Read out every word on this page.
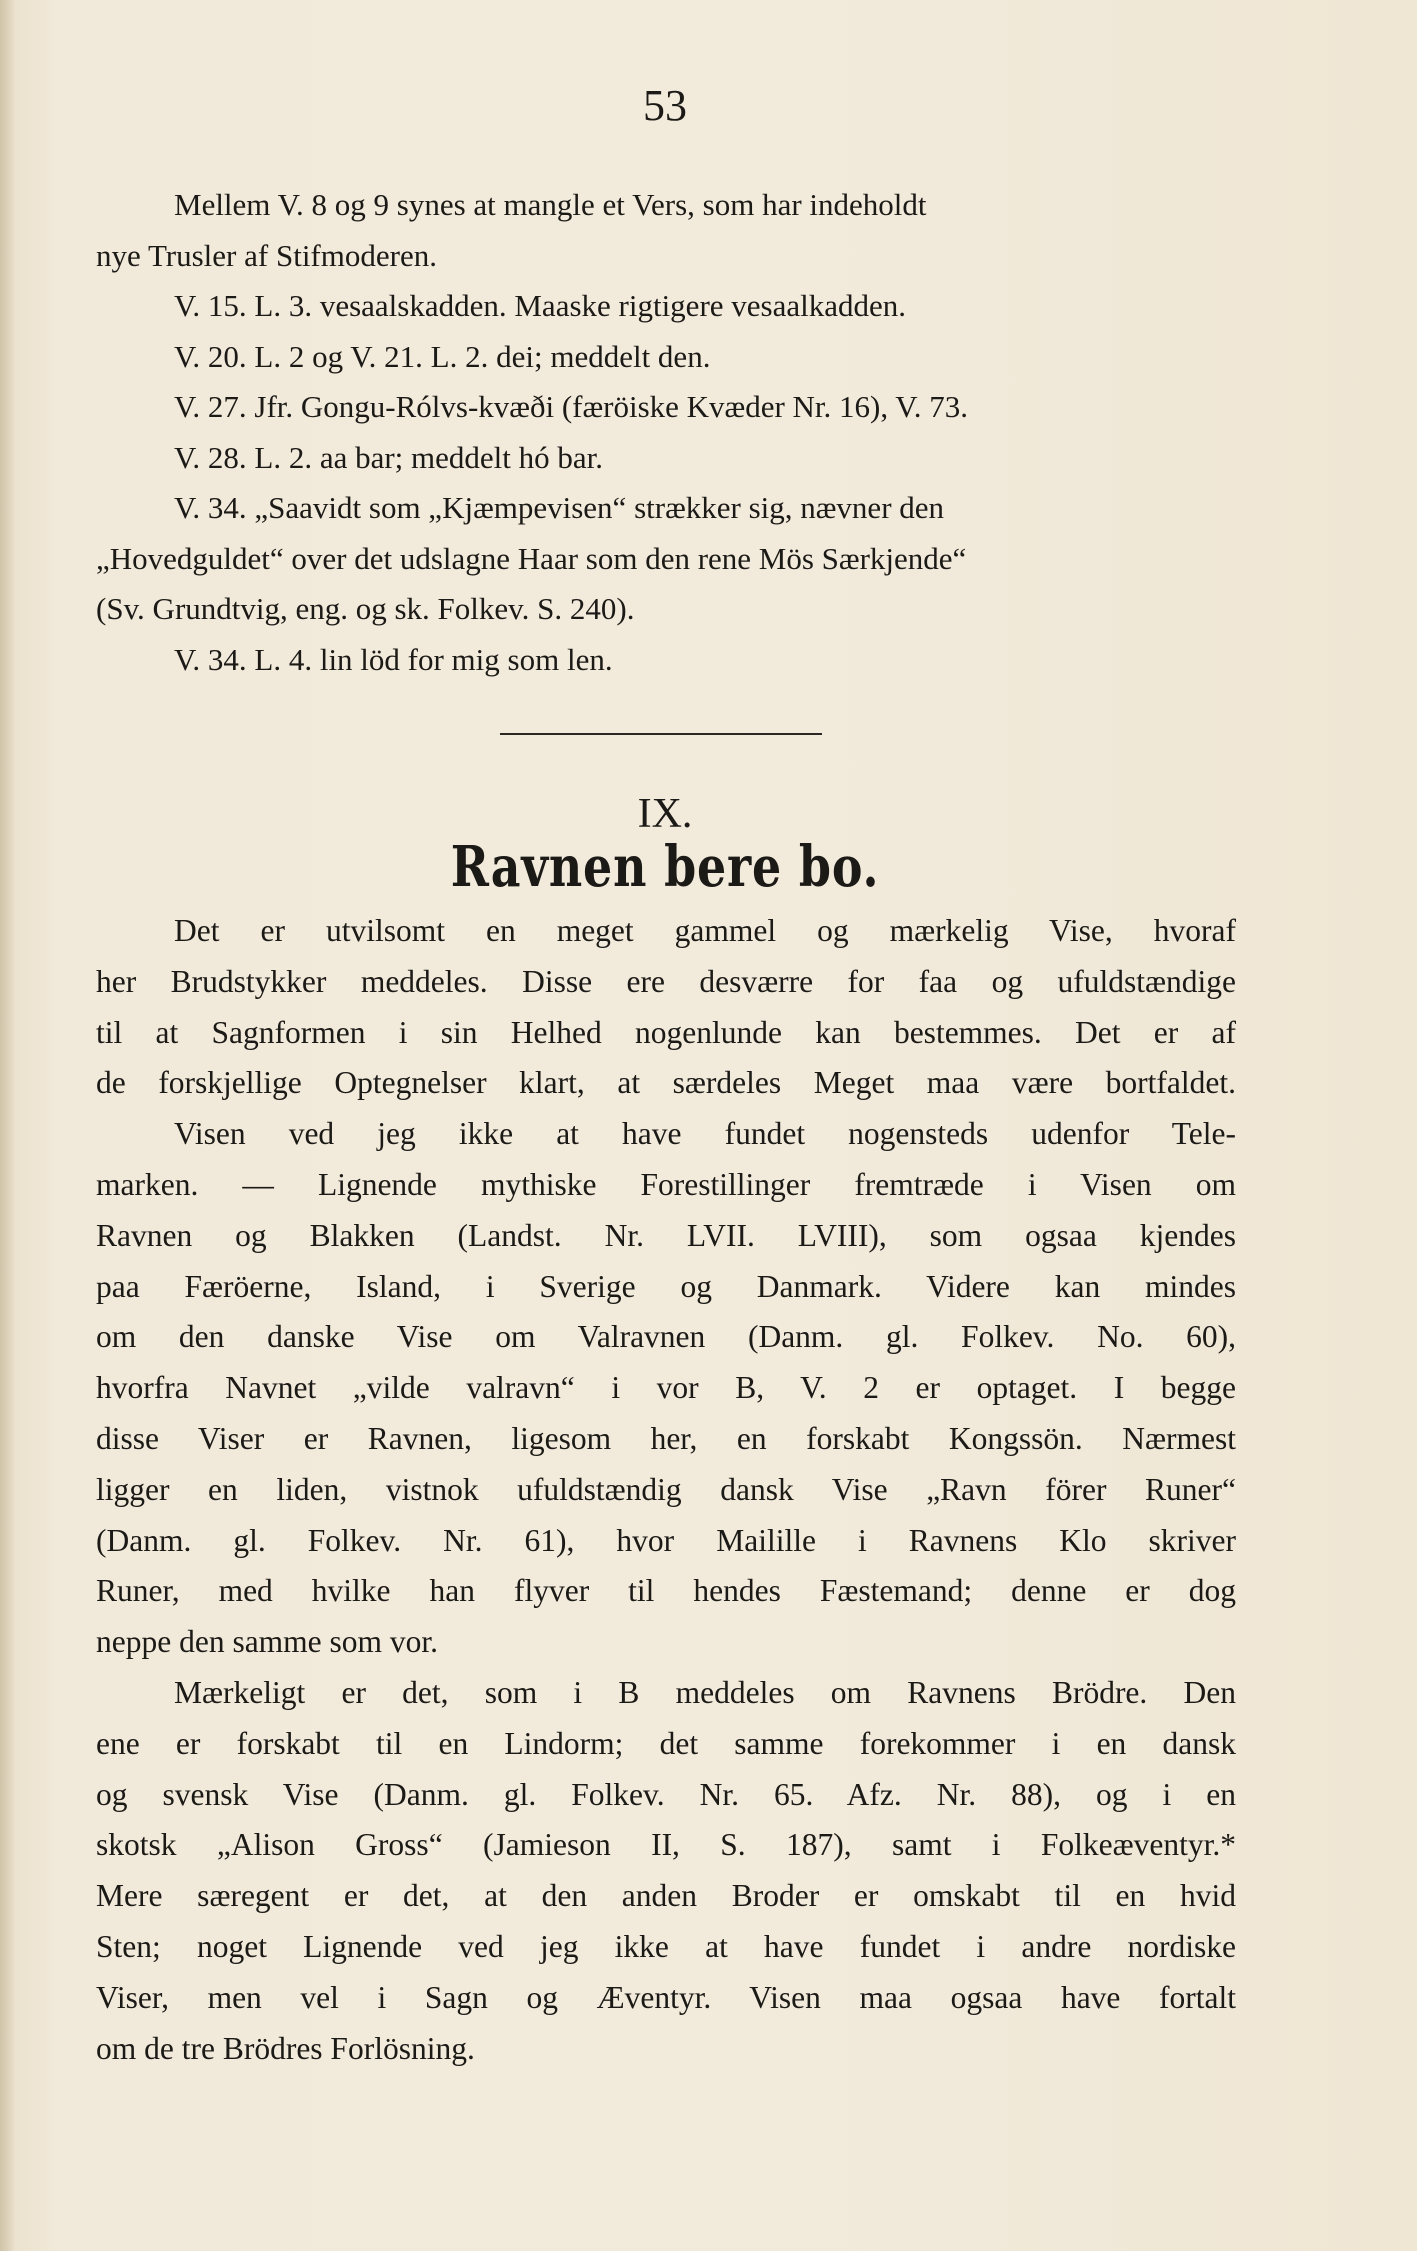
53
Mellem V. 8 og 9 synes at mangle et Vers, som har indeholdt
nye Trusler af Stifmoderen.
V. 15. L. 3. vesaalskadden. Maaske rigtigere vesaalkadden.
V. 20. L. 2 og V. 21. L. 2. dei; meddelt den.
V. 27. Jfr. Gongu-Rólvs-kvæði (færöiske Kvæder Nr. 16), V. 73.
V. 28. L. 2. aa bar; meddelt hó bar.
V. 34. „Saavidt som „Kjæmpevisen“ strækker sig, nævner den
„Hovedguldet“ over det udslagne Haar som den rene Mös Særkjende“
(Sv. Grundtvig, eng. og sk. Folkev. S. 240).
V. 34. L. 4. lin löd for mig som len.
IX.
Ravnen bere bo.
Det er utvilsomt en meget gammel og mærkelig Vise, hvoraf
her Brudstykker meddeles. Disse ere desværre for faa og ufuldstændige
til at Sagnformen i sin Helhed nogenlunde kan bestemmes. Det er af
de forskjellige Optegnelser klart, at særdeles Meget maa være bortfaldet.
Visen ved jeg ikke at have fundet nogensteds udenfor Tele-
marken. — Lignende mythiske Forestillinger fremtræde i Visen om
Ravnen og Blakken (Landst. Nr. LVII. LVIII), som ogsaa kjendes
paa Færöerne, Island, i Sverige og Danmark. Videre kan mindes
om den danske Vise om Valravnen (Danm. gl. Folkev. No. 60),
hvorfra Navnet „vilde valravn“ i vor B, V. 2 er optaget. I begge
disse Viser er Ravnen, ligesom her, en forskabt Kongssön. Nærmest
ligger en liden, vistnok ufuldstændig dansk Vise „Ravn förer Runer“
(Danm. gl. Folkev. Nr. 61), hvor Mailille i Ravnens Klo skriver
Runer, med hvilke han flyver til hendes Fæstemand; denne er dog
neppe den samme som vor.
Mærkeligt er det, som i B meddeles om Ravnens Brödre. Den
ene er forskabt til en Lindorm; det samme forekommer i en dansk
og svensk Vise (Danm. gl. Folkev. Nr. 65. Afz. Nr. 88), og i en
skotsk „Alison Gross“ (Jamieson II, S. 187), samt i Folkeæventyr.*
Mere særegent er det, at den anden Broder er omskabt til en hvid
Sten; noget Lignende ved jeg ikke at have fundet i andre nordiske
Viser, men vel i Sagn og Æventyr. Visen maa ogsaa have fortalt
om de tre Brödres Forlösning.
